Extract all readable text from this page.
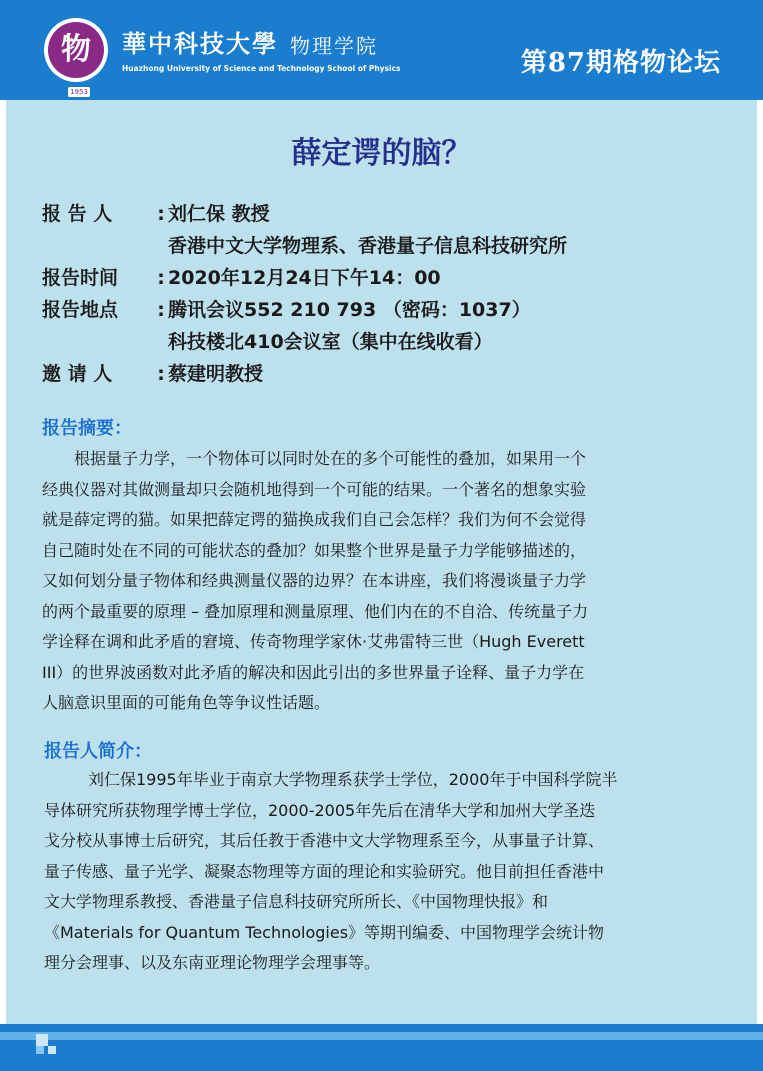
物
1953
華中科技大學 物理学院
Huazhong University of Science and Technology School of Physics	第87期格物论坛
薛定谔的脑？
报 告 人	: 刘仁保 教授
香港中文大学物理系、香港量子信息科技研究所
报告时间	: 2020年12月24日下午14：00
报告地点	: 腾讯会议552 210 793 （密码：1037）
科技楼北410会议室（集中在线收看）
邀 请 人	: 蔡建明教授
报告摘要：
根据量子力学，一个物体可以同时处在的多个可能性的叠加，如果用一个
经典仪器对其做测量却只会随机地得到一个可能的结果。一个著名的想象实验
就是薛定谔的猫。如果把薛定谔的猫换成我们自己会怎样？我们为何不会觉得
自己随时处在不同的可能状态的叠加？如果整个世界是量子力学能够描述的，
又如何划分量子物体和经典测量仪器的边界？在本讲座，我们将漫谈量子力学
的两个最重要的原理 – 叠加原理和测量原理、他们内在的不自洽、传统量子力
学诠释在调和此矛盾的窘境、传奇物理学家休·艾弗雷特三世（Hugh Everett
III）的世界波函数对此矛盾的解决和因此引出的多世界量子诠释、量子力学在
人脑意识里面的可能角色等争议性话题。
报告人简介：
刘仁保1995年毕业于南京大学物理系获学士学位，2000年于中国科学院半
导体研究所获物理学博士学位，2000-2005年先后在清华大学和加州大学圣迭
戈分校从事博士后研究，其后任教于香港中文大学物理系至今，从事量子计算、
量子传感、量子光学、凝聚态物理等方面的理论和实验研究。他目前担任香港中
文大学物理系教授、香港量子信息科技研究所所长、《中国物理快报》和
《Materials for Quantum Technologies》等期刊编委、中国物理学会统计物
理分会理事、以及东南亚理论物理学会理事等。
